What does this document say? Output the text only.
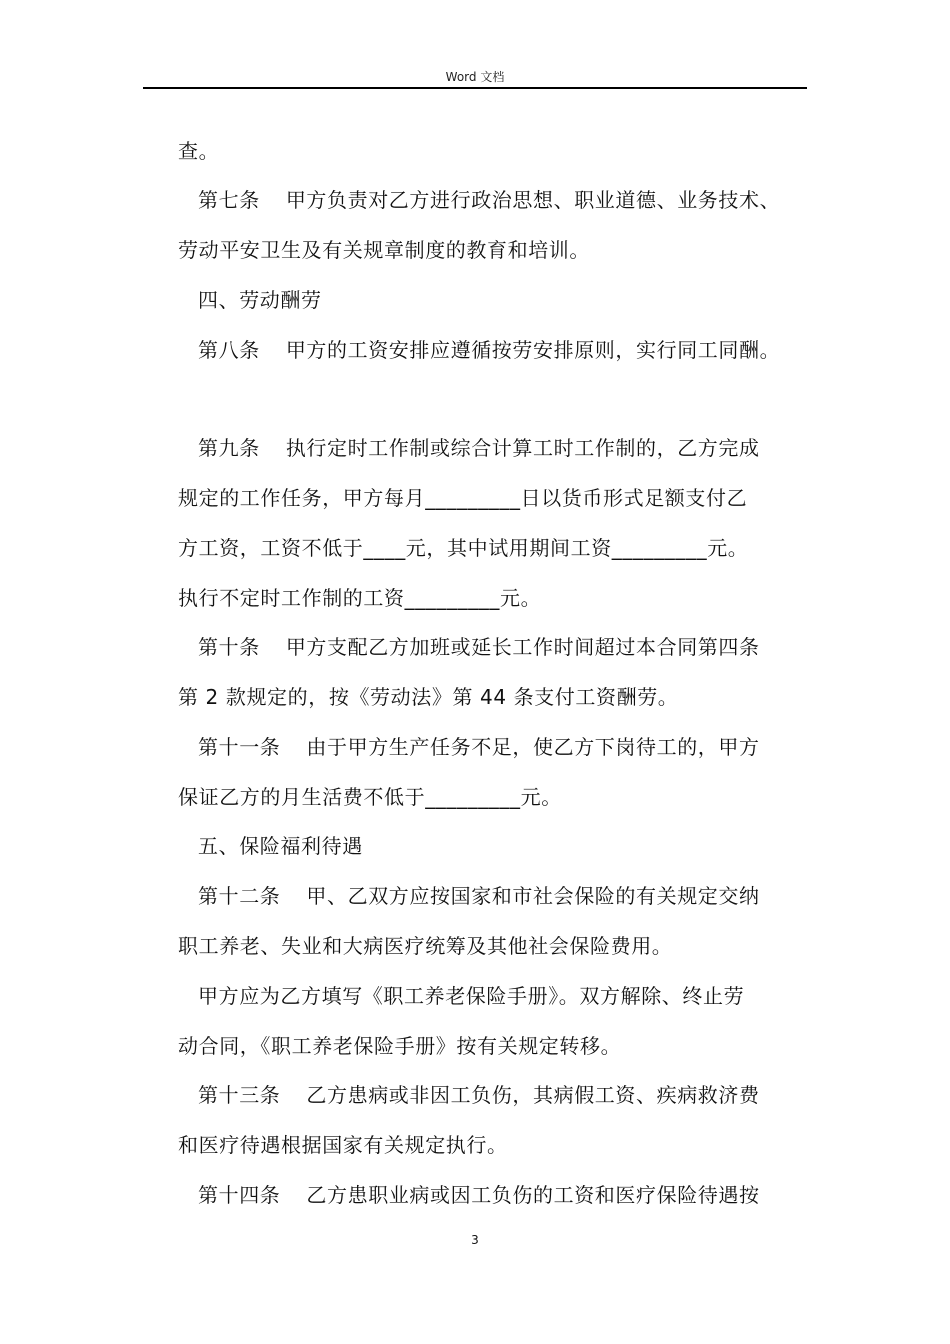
Word 文档
查。
第七条 甲方负责对乙方进行政治思想、职业道德、业务技术、
劳动平安卫生及有关规章制度的教育和培训。
四、劳动酬劳
第八条 甲方的工资安排应遵循按劳安排原则，实行同工同酬。
第九条 执行定时工作制或综合计算工时工作制的，乙方完成
规定的工作任务，甲方每月_________日以货币形式足额支付乙
方工资，工资不低于____元，其中试用期间工资_________元。
执行不定时工作制的工资_________元。
第十条 甲方支配乙方加班或延长工作时间超过本合同第四条
第 2 款规定的，按《劳动法》第 44 条支付工资酬劳。
第十一条 由于甲方生产任务不足，使乙方下岗待工的，甲方
保证乙方的月生活费不低于_________元。
五、保险福利待遇
第十二条 甲、乙双方应按国家和市社会保险的有关规定交纳
职工养老、失业和大病医疗统筹及其他社会保险费用。
甲方应为乙方填写《职工养老保险手册》。双方解除、终止劳
动合同，《职工养老保险手册》按有关规定转移。
第十三条 乙方患病或非因工负伤，其病假工资、疾病救济费
和医疗待遇根据国家有关规定执行。
第十四条 乙方患职业病或因工负伤的工资和医疗保险待遇按
3
